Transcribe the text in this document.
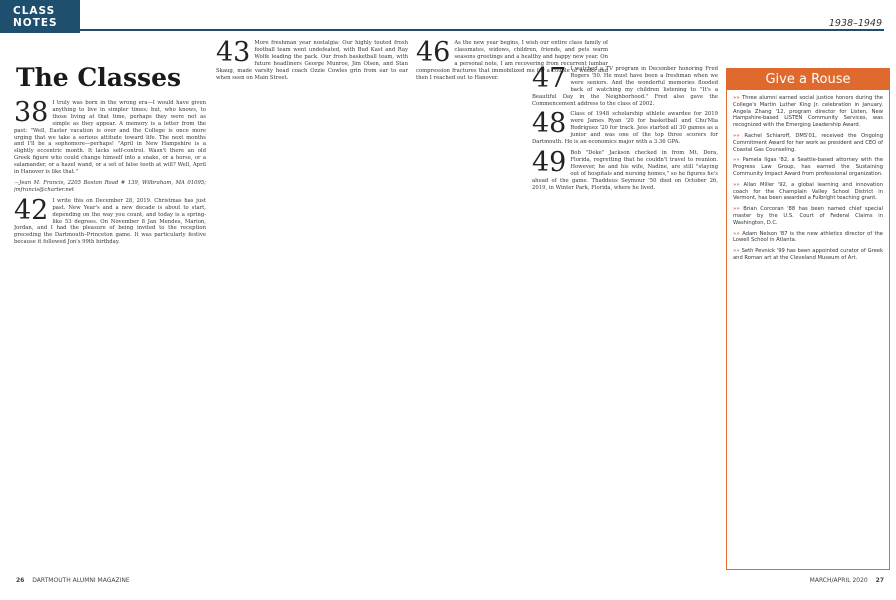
CLASS NOTES	1938–1949
The Classes
38 I truly was born in the wrong era—I would have given anything to live in simpler times; but, who knows, to those living at that time, perhaps they were not as simple as they appear. A memory is a letter from the past: "Well, Easter vacation is over and the College is once more urging that we take a serious attitude toward life. The next months and I'll be a sophomore—perhaps! "April in New Hampshire is a slightly eccentric month. It lacks self-control. Wasn't there an old Greek figure who could change himself into a snake, or a horse, or a salamander, or a hazel wand, or a set of false teeth at will? Well, April in Hanover is like that."

—Jean M. Francis, 2205 Boston Road # 139, Wilbraham, MA 01095; jmfrancis@charter.net

42 I write this on December 28, 2019. Christmas has just past. New Year's and a new decade is about to start, depending on the way you count, and today is a spring-like 53 degrees. On November 8 Jan Mendes, Marion, Jordan, and I had the pleasure of being invited to the reception preceding the Dartmouth–Princeton game. It was particularly festive because it followed Jon's 99th birthday.

43 More freshman year nostalgia: Our highly touted frosh football team went undefeated, with Bud Kast and Ray Wolfe leading the pack. Our frosh basketball team, with future headliners George Munroe, Jim Olsen, and Stan Skaug, made varsity head coach Ozzie Cowles grin from ear to ear when seen on Main Street.

46 As the new year begins, I wish our entire class family of classmates, widows, children, friends, and pets warm seasons greetings and a healthy and happy new year. On a personal note, I am recovering from recurrent lumbar compression fractures that immobilized me for a couple of weeks and then I reached out to Hanover.	47 I watched a TV program in December honoring Fred Rogers '50. He must have been a freshman when we were seniors. And the wonderful memories flooded back of watching my children listening to "It's a Beautiful Day in the Neighborhood." Fred also gave the Commencement address to the class of 2002.

48 Class of 1948 scholarship athlete awardee for 2019 were James Ryan '20 for basketball and Chu'Mia Rodriguez '20 for track. Jess started all 30 games as a junior and was one of the top three scorers for Dartmouth. He is an economics major with a 3.36 GPA.

49 Bob "Deke" Jackson checked in from Mt. Dora, Florida, regretting that he couldn't travel to reunion. However, he and his wife, Nadine, are still "staying out of hospitals and nursing homes," so he figures he's ahead of the game. Thaddeus Seymour '50 died on October 26, 2019, in Winter Park, Florida, where he lived.

Give a Rouse

»» Three alumni earned social justice honors during the College's Martin Luther King Jr. celebration in January. Angela Zhang '12, program director for Listen, New Hampshire-based LISTEN Community Services, was recognized with the Emerging Leadership Award.

»» Rachel Schiaroff, DMS'01, received the Ongoing Commitment Award for her work as president and CEO of Coastal Gas Counseling.

»» Pamela Ilgas '82, a Seattle-based attorney with the Progress Law Group, has earned the Sustaining Community Impact Award from professional organization.

»» Allan Miller '92, a global learning and innovation coach for the Champlain Valley School District in Vermont, has been awarded a Fulbright teaching grant.

»» Brian Corcoran '88 has been named chief special master by the U.S. Court of Federal Claims in Washington, D.C.

»» Adam Nelson '87 is the new athletics director of the Lowell School in Atlanta.

»» Seth Pevnick '99 has been appointed curator of Greek and Roman art at the Cleveland Museum of Art.

26 DARTMOUTH ALUMNI MAGAZINE	MARCH/APRIL 2020 27
